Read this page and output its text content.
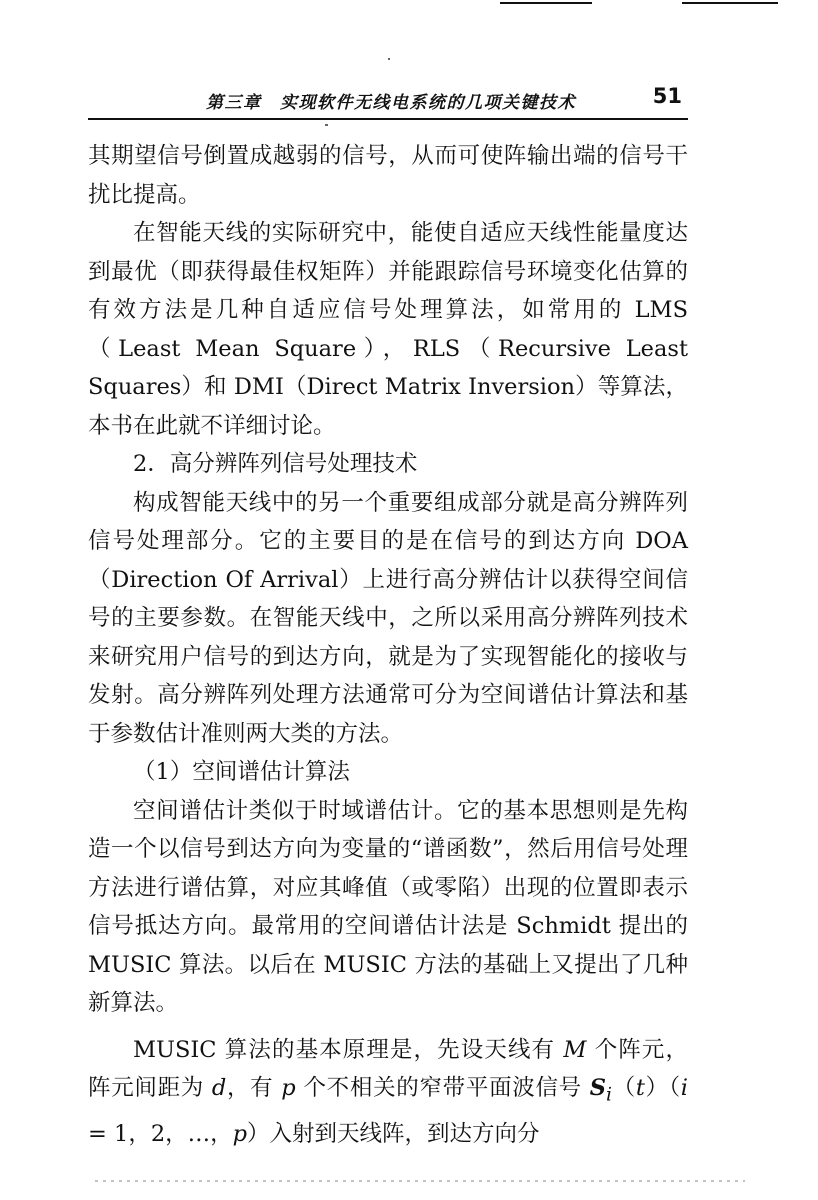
第三章　实现软件无线电系统的几项关键技术	51

其期望信号倒置成越弱的信号，从而可使阵输出端的信号干扰比提高。

在智能天线的实际研究中，能使自适应天线性能量度达到最优（即获得最佳权矩阵）并能跟踪信号环境变化估算的有效方法是几种自适应信号处理算法，如常用的 LMS（Least Mean Square），RLS（Recursive Least Squares）和 DMI（Direct Matrix Inversion）等算法，本书在此就不详细讨论。

2．高分辨阵列信号处理技术

构成智能天线中的另一个重要组成部分就是高分辨阵列信号处理部分。它的主要目的是在信号的到达方向 DOA（Direction Of Arrival）上进行高分辨估计以获得空间信号的主要参数。在智能天线中，之所以采用高分辨阵列技术来研究用户信号的到达方向，就是为了实现智能化的接收与发射。高分辨阵列处理方法通常可分为空间谱估计算法和基于参数估计准则两大类的方法。

（1）空间谱估计算法

空间谱估计类似于时域谱估计。它的基本思想则是先构造一个以信号到达方向为变量的“谱函数”，然后用信号处理方法进行谱估算，对应其峰值（或零陷）出现的位置即表示信号抵达方向。最常用的空间谱估计法是 Schmidt 提出的 MUSIC 算法。以后在 MUSIC 方法的基础上又提出了几种新算法。

MUSIC 算法的基本原理是，先设天线有 M 个阵元，阵元间距为 d，有 p 个不相关的窄带平面波信号 $S_i(t)(i = 1$，2，…，p）入射到天线阵，到达方向分
